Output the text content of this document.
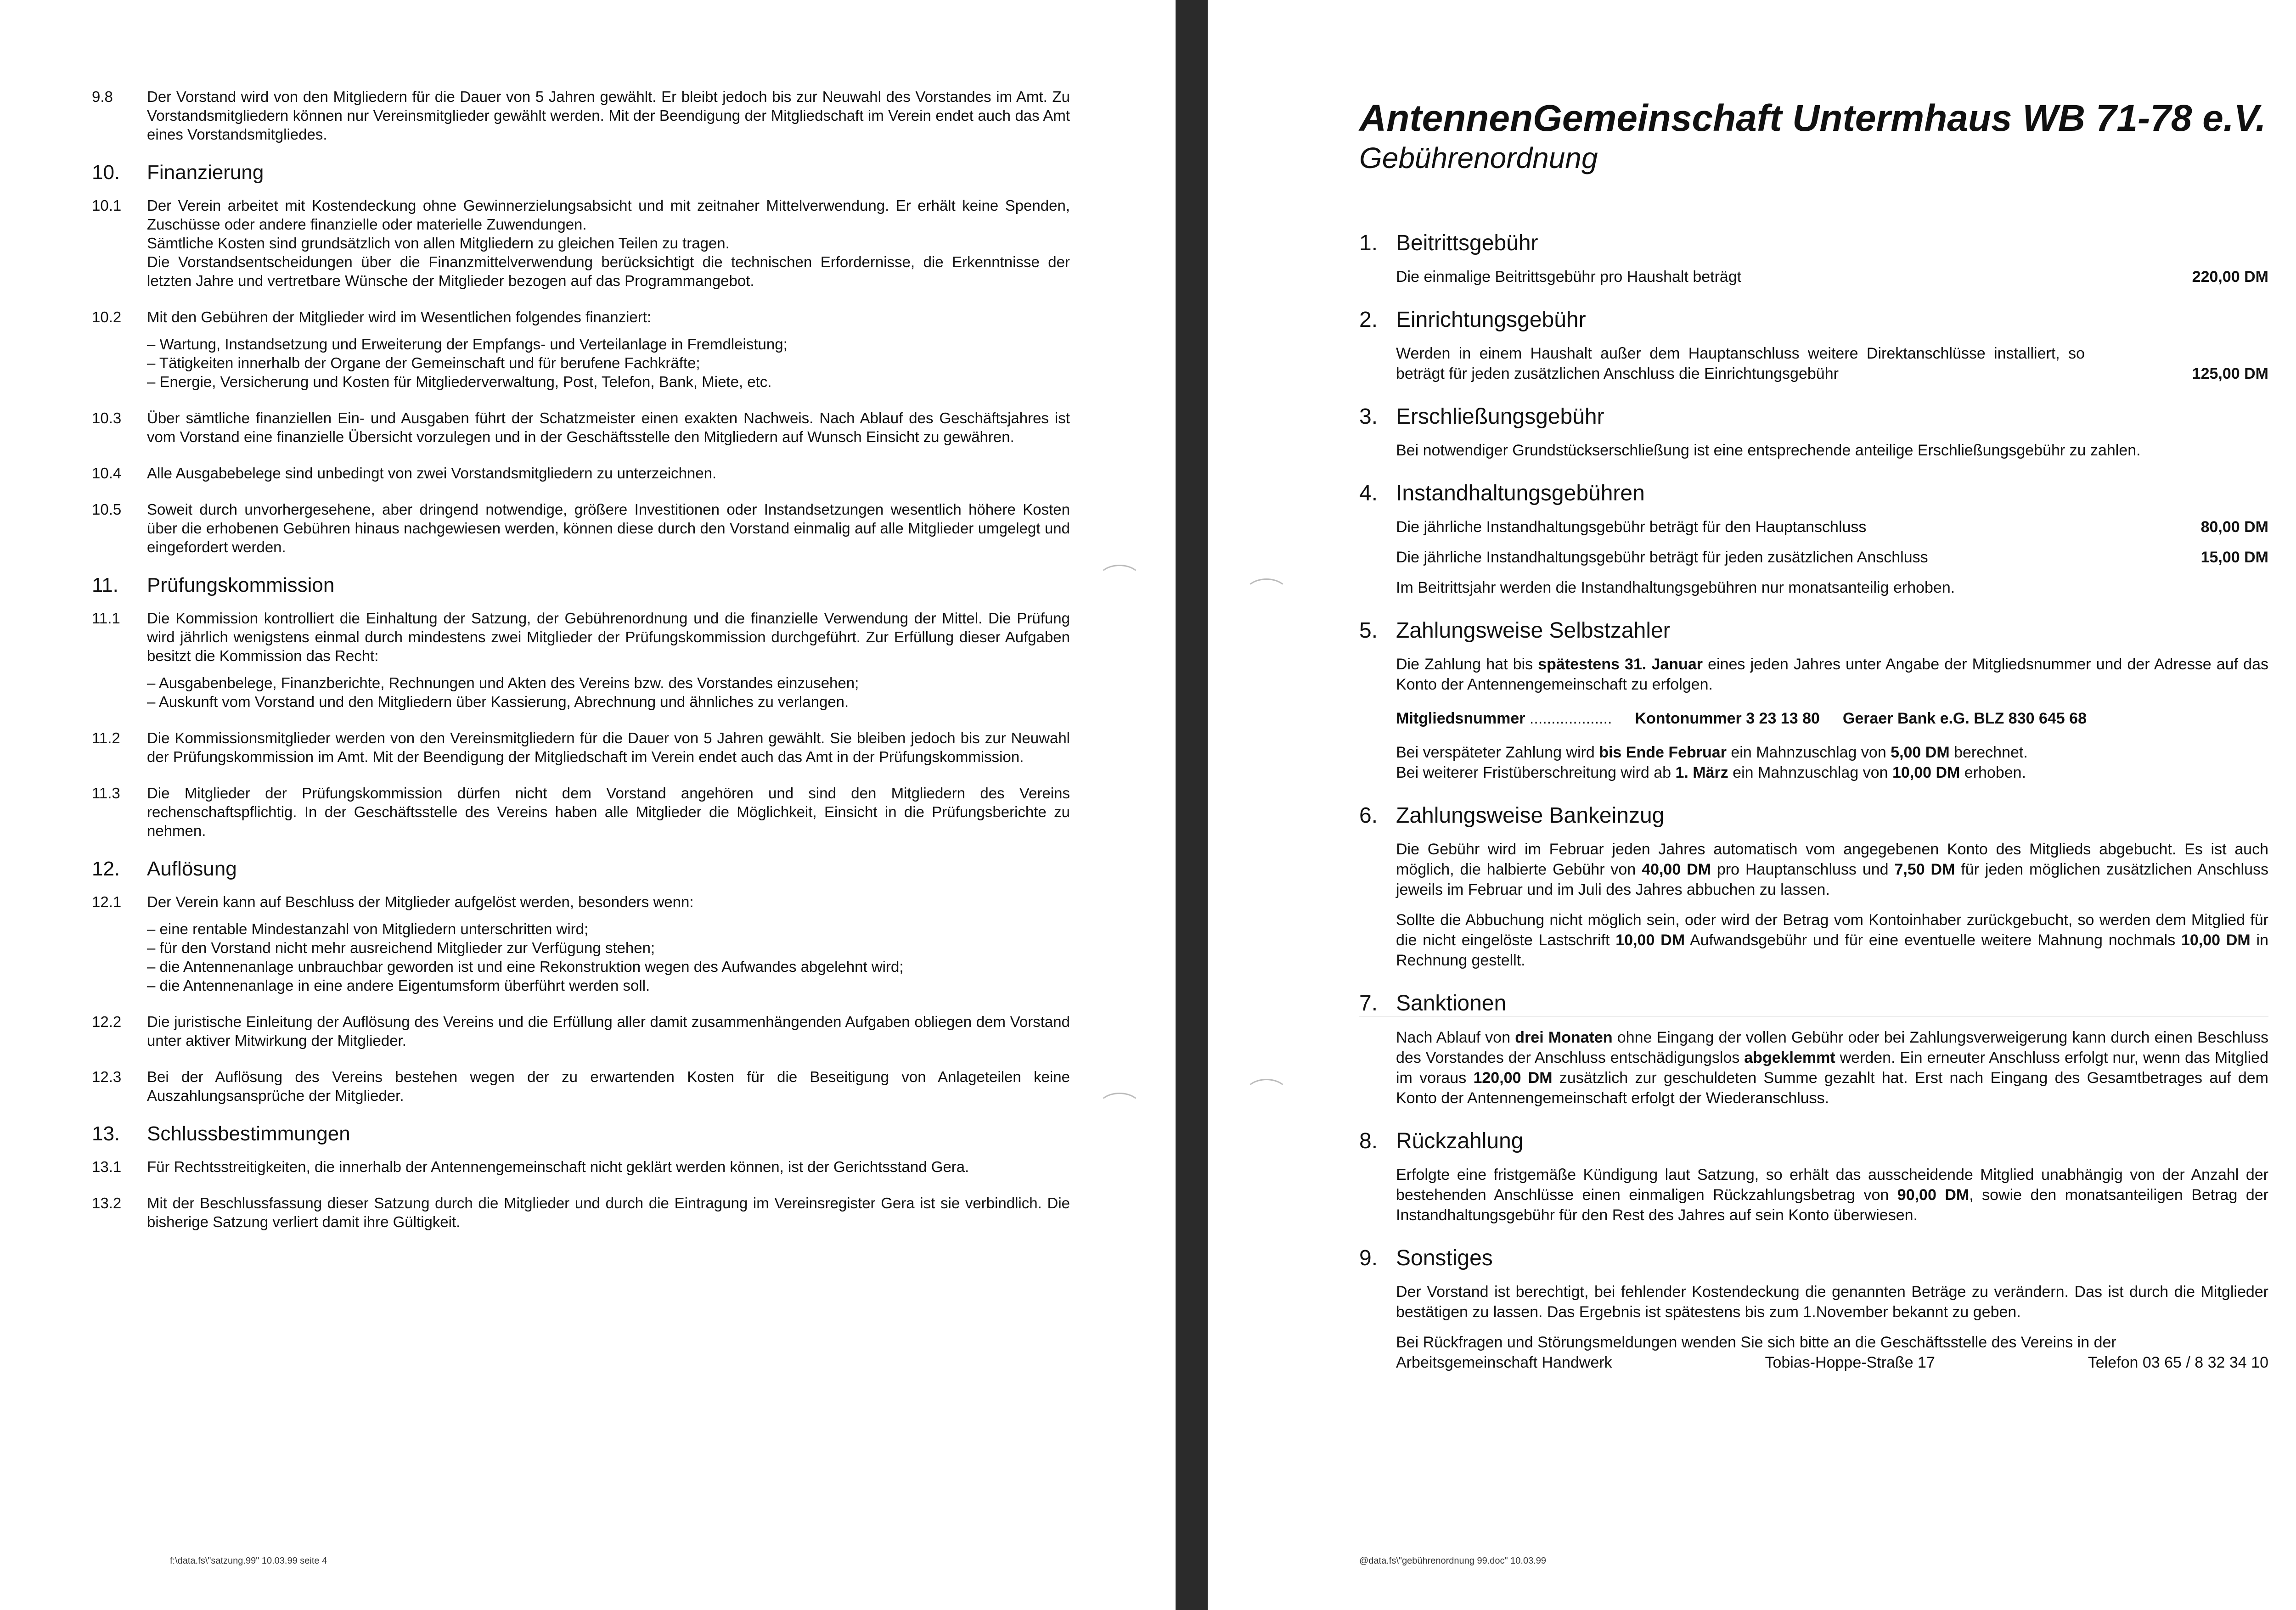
9.8	Der Vorstand wird von den Mitgliedern für die Dauer von 5 Jahren gewählt. Er bleibt jedoch bis zur Neuwahl des Vorstandes im Amt. Zu Vorstandsmitgliedern können nur Vereinsmitglieder gewählt werden. Mit der Beendigung der Mitgliedschaft im Verein endet auch das Amt eines Vorstandsmitgliedes.
10.	Finanzierung
10.1	Der Verein arbeitet mit Kostendeckung ohne Gewinnerzielungsabsicht und mit zeitnaher Mittelverwendung. Er erhält keine Spenden, Zuschüsse oder andere finanzielle oder materielle Zuwendungen.
Sämtliche Kosten sind grundsätzlich von allen Mitgliedern zu gleichen Teilen zu tragen.
Die Vorstandsentscheidungen über die Finanzmittelverwendung berücksichtigt die technischen Erfordernisse, die Erkenntnisse der letzten Jahre und vertretbare Wünsche der Mitglieder bezogen auf das Programmangebot.
10.2	Mit den Gebühren der Mitglieder wird im Wesentlichen folgendes finanziert:
– Wartung, Instandsetzung und Erweiterung der Empfangs- und Verteilanlage in Fremdleistung;
– Tätigkeiten innerhalb der Organe der Gemeinschaft und für berufene Fachkräfte;
– Energie, Versicherung und Kosten für Mitgliederverwaltung, Post, Telefon, Bank, Miete, etc.
10.3	Über sämtliche finanziellen Ein- und Ausgaben führt der Schatzmeister einen exakten Nachweis. Nach Ablauf des Geschäftsjahres ist vom Vorstand eine finanzielle Übersicht vorzulegen und in der Geschäftsstelle den Mitgliedern auf Wunsch Einsicht zu gewähren.
10.4	Alle Ausgabebelege sind unbedingt von zwei Vorstandsmitgliedern zu unterzeichnen.
10.5	Soweit durch unvorhergesehene, aber dringend notwendige, größere Investitionen oder Instandsetzungen wesentlich höhere Kosten über die erhobenen Gebühren hinaus nachgewiesen werden, können diese durch den Vorstand einmalig auf alle Mitglieder umgelegt und eingefordert werden.
11.	Prüfungskommission
11.1	Die Kommission kontrolliert die Einhaltung der Satzung, der Gebührenordnung und die finanzielle Verwendung der Mittel. Die Prüfung wird jährlich wenigstens einmal durch mindestens zwei Mitglieder der Prüfungskommission durchgeführt. Zur Erfüllung dieser Aufgaben besitzt die Kommission das Recht:
– Ausgabenbelege, Finanzberichte, Rechnungen und Akten des Vereins bzw. des Vorstandes einzusehen;
– Auskunft vom Vorstand und den Mitgliedern über Kassierung, Abrechnung und ähnliches zu verlangen.
11.2	Die Kommissionsmitglieder werden von den Vereinsmitgliedern für die Dauer von 5 Jahren gewählt. Sie bleiben jedoch bis zur Neuwahl der Prüfungskommission im Amt. Mit der Beendigung der Mitgliedschaft im Verein endet auch das Amt in der Prüfungskommission.
11.3	Die Mitglieder der Prüfungskommission dürfen nicht dem Vorstand angehören und sind den Mitgliedern des Vereins rechenschaftspflichtig. In der Geschäftsstelle des Vereins haben alle Mitglieder die Möglichkeit, Einsicht in die Prüfungsberichte zu nehmen.
12.	Auflösung
12.1	Der Verein kann auf Beschluss der Mitglieder aufgelöst werden, besonders wenn:
– eine rentable Mindestanzahl von Mitgliedern unterschritten wird;
– für den Vorstand nicht mehr ausreichend Mitglieder zur Verfügung stehen;
– die Antennenanlage unbrauchbar geworden ist und eine Rekonstruktion wegen des Aufwandes abgelehnt wird;
– die Antennenanlage in eine andere Eigentumsform überführt werden soll.
12.2	Die juristische Einleitung der Auflösung des Vereins und die Erfüllung aller damit zusammenhängenden Aufgaben obliegen dem Vorstand unter aktiver Mitwirkung der Mitglieder.
12.3	Bei der Auflösung des Vereins bestehen wegen der zu erwartenden Kosten für die Beseitigung von Anlageteilen keine Auszahlungsansprüche der Mitglieder.
13.	Schlussbestimmungen
13.1	Für Rechtsstreitigkeiten, die innerhalb der Antennengemeinschaft nicht geklärt werden können, ist der Gerichtsstand Gera.
13.2	Mit der Beschlussfassung dieser Satzung durch die Mitglieder und durch die Eintragung im Vereinsregister Gera ist sie verbindlich. Die bisherige Satzung verliert damit ihre Gültigkeit.
f:\data.fs\"satzung.99" 10.03.99 seite 4
AntennenGemeinschaft Untermhaus WB 71-78 e.V.
Gebührenordnung
1. Beitrittsgebühr
Die einmalige Beitrittsgebühr pro Haushalt beträgt	220,00 DM
2. Einrichtungsgebühr
Werden in einem Haushalt außer dem Hauptanschluss weitere Direktanschlüsse installiert, so beträgt für jeden zusätzlichen Anschluss die Einrichtungsgebühr	125,00 DM
3. Erschließungsgebühr
Bei notwendiger Grundstückserschließung ist eine entsprechende anteilige Erschließungsgebühr zu zahlen.
4. Instandhaltungsgebühren
Die jährliche Instandhaltungsgebühr beträgt für den Hauptanschluss	80,00 DM
Die jährliche Instandhaltungsgebühr beträgt für jeden zusätzlichen Anschluss	15,00 DM
Im Beitrittsjahr werden die Instandhaltungsgebühren nur monatsanteilig erhoben.
5. Zahlungsweise Selbstzahler
Die Zahlung hat bis spätestens 31. Januar eines jeden Jahres unter Angabe der Mitgliedsnummer und der Adresse auf das Konto der Antennengemeinschaft zu erfolgen.
Mitgliedsnummer ................... Kontonummer 3 23 13 80 Geraer Bank e.G. BLZ 830 645 68
Bei verspäteter Zahlung wird bis Ende Februar ein Mahnzuschlag von 5,00 DM berechnet.
Bei weiterer Fristüberschreitung wird ab 1. März ein Mahnzuschlag von 10,00 DM erhoben.
6. Zahlungsweise Bankeinzug
Die Gebühr wird im Februar jeden Jahres automatisch vom angegebenen Konto des Mitglieds abgebucht. Es ist auch möglich, die halbierte Gebühr von 40,00 DM pro Hauptanschluss und 7,50 DM für jeden möglichen zusätzlichen Anschluss jeweils im Februar und im Juli des Jahres abbuchen zu lassen.
Sollte die Abbuchung nicht möglich sein, oder wird der Betrag vom Kontoinhaber zurückgebucht, so werden dem Mitglied für die nicht eingelöste Lastschrift 10,00 DM Aufwandsgebühr und für eine eventuelle weitere Mahnung nochmals 10,00 DM in Rechnung gestellt.
7. Sanktionen
Nach Ablauf von drei Monaten ohne Eingang der vollen Gebühr oder bei Zahlungsverweigerung kann durch einen Beschluss des Vorstandes der Anschluss entschädigungslos abgeklemmt werden. Ein erneuter Anschluss erfolgt nur, wenn das Mitglied im voraus 120,00 DM zusätzlich zur geschuldeten Summe gezahlt hat. Erst nach Eingang des Gesamtbetrages auf dem Konto der Antennengemeinschaft erfolgt der Wiederanschluss.
8. Rückzahlung
Erfolgte eine fristgemäße Kündigung laut Satzung, so erhält das ausscheidende Mitglied unabhängig von der Anzahl der bestehenden Anschlüsse einen einmaligen Rückzahlungsbetrag von 90,00 DM, sowie den monatsanteiligen Betrag der Instandhaltungsgebühr für den Rest des Jahres auf sein Konto überwiesen.
9. Sonstiges
Der Vorstand ist berechtigt, bei fehlender Kostendeckung die genannten Beträge zu verändern. Das ist durch die Mitglieder bestätigen zu lassen. Das Ergebnis ist spätestens bis zum 1.November bekannt zu geben.
Bei Rückfragen und Störungsmeldungen wenden Sie sich bitte an die Geschäftsstelle des Vereins in der
Arbeitsgemeinschaft Handwerk	Tobias-Hoppe-Straße 17	Telefon 03 65 / 8 32 34 10
@data.fs\"gebührenordnung 99.doc" 10.03.99
